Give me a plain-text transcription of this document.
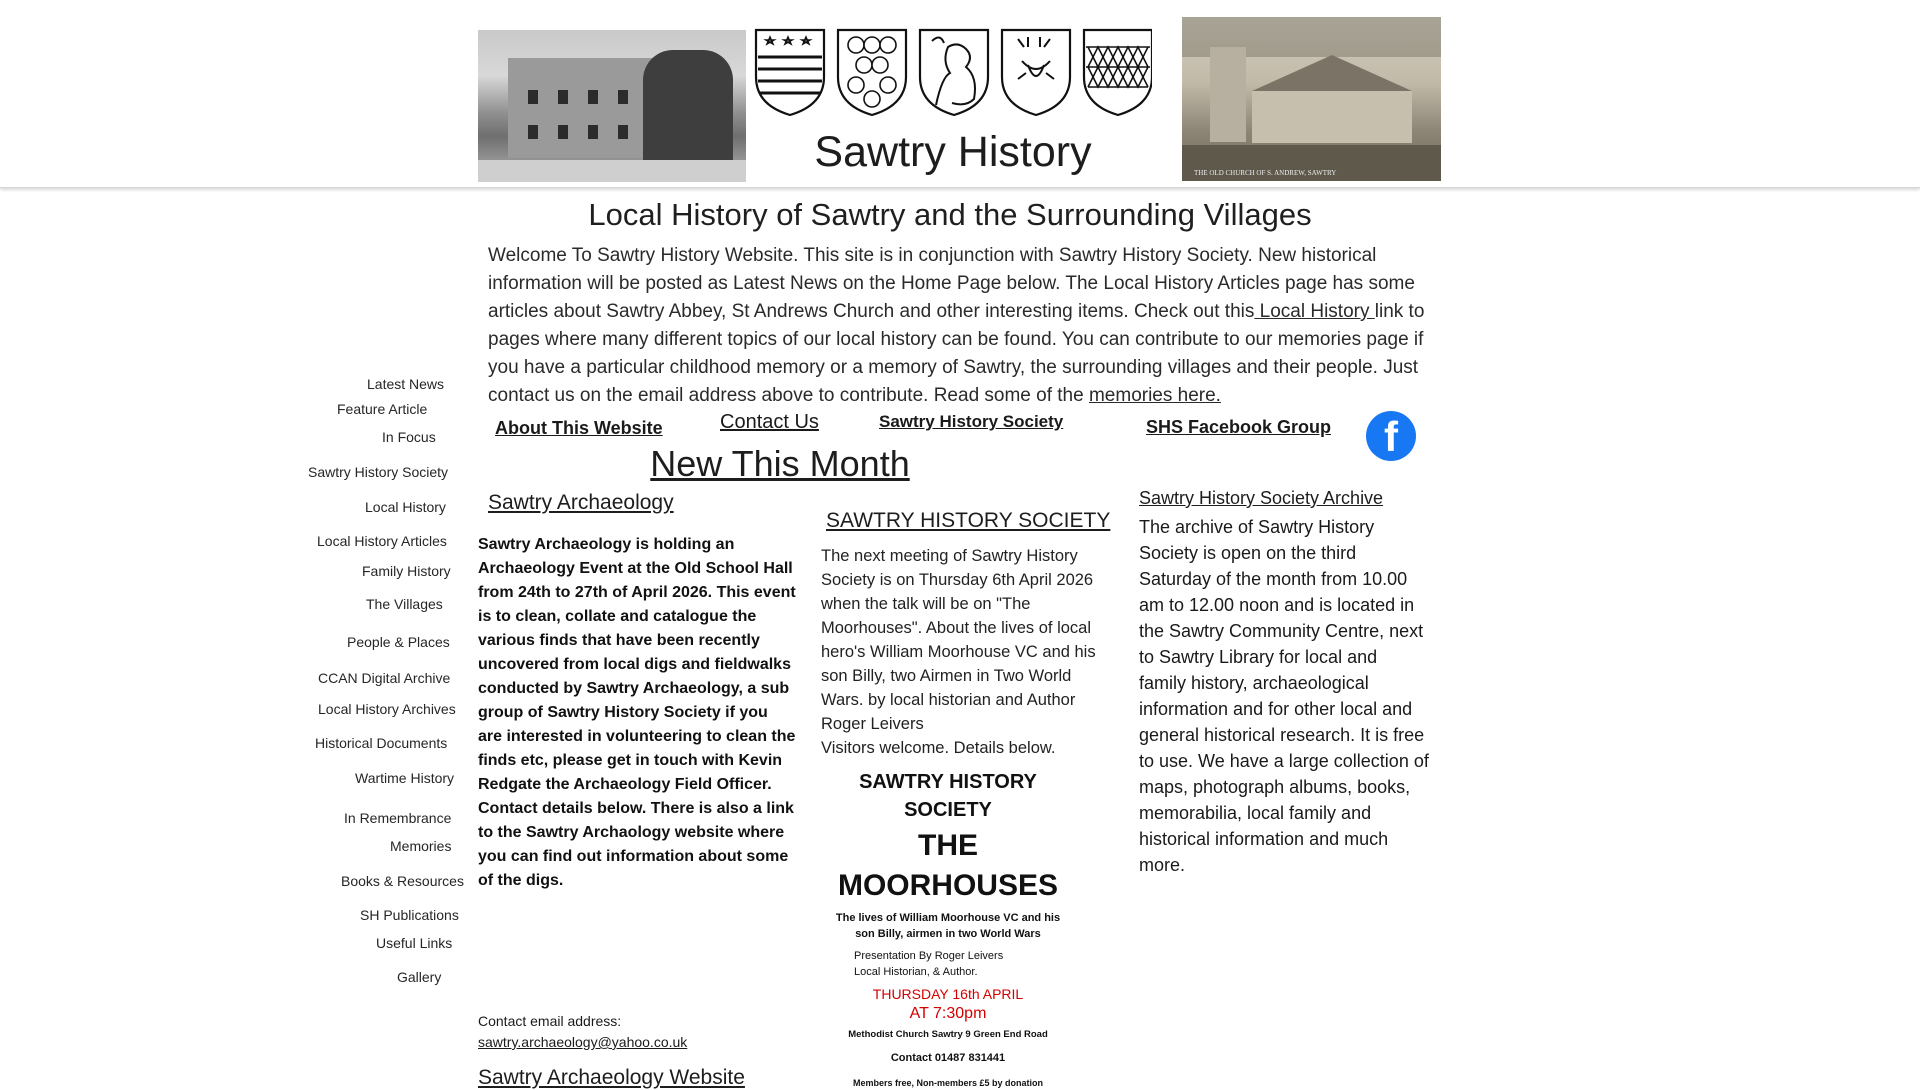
Sawtry History	THE OLD CHURCH OF S. ANDREW, SAWTRY
Latest News
Feature Article
In Focus
Sawtry History Society
Local History
Local History Articles
Family History
The Villages
People & Places
CCAN Digital Archive
Local History Archives
Historical Documents
Wartime History
In Remembrance
Memories
Books & Resources
SH Publications
Useful Links
Gallery
Local History of Sawtry and the Surrounding Villages
Welcome To Sawtry History Website. This site is in conjunction with Sawtry History Society. New historical information will be posted as Latest News on the Home Page below. The Local History Articles page has some articles about Sawtry Abbey, St Andrews Church and other interesting items. Check out this Local History link to pages where many different topics of our local history can be found. You can contribute to our memories page if you have a particular childhood memory or a memory of Sawtry, the surrounding villages and their people. Just contact us on the email address above to contribute. Read some of the memories here.
About This Website	Contact Us	Sawtry History Society	SHS Facebook Group	f
New This Month
Sawtry Archaeology
Sawtry Archaeology is holding an Archaeology Event at the Old School Hall from 24th to 27th of April 2026. This event is to clean, collate and catalogue the various finds that have been recently uncovered from local digs and fieldwalks conducted by Sawtry Archaeology, a sub group of Sawtry History Society if you are interested in volunteering to clean the finds etc, please get in touch with Kevin Redgate the Archaeology Field Officer. Contact details below. There is also a link to the Sawtry Archaology website where you can find out information about some of the digs.
Contact email address:
sawtry.archaeology@yahoo.co.uk
Sawtry Archaeology Website
SAWTRY HISTORY SOCIETY
The next meeting of Sawtry History Society is on Thursday 6th April 2026 when the talk will be on "The Moorhouses". About the lives of local hero's William Moorhouse VC and his son Billy, two Airmen in Two World Wars. by local historian and Author Roger Leivers
Visitors welcome. Details below.
SAWTRY HISTORY SOCIETY
THE MOORHOUSES
The lives of William Moorhouse VC and his son Billy, airmen in two World Wars
Presentation By Roger Leivers
Local Historian, & Author.
THURSDAY 16th APRIL
AT 7:30pm
Methodist Church Sawtry 9 Green End Road
Contact 01487 831441
Members free, Non-members £5 by donation
Sawtry History Society Archive
The archive of Sawtry History Society is open on the third Saturday of the month from 10.00 am to 12.00 noon and is located in the Sawtry Community Centre, next to Sawtry Library for local and family history, archaeological information and for other local and general historical research. It is free to use. We have a large collection of maps, photograph albums, books, memorabilia, local family and historical information and much more.
